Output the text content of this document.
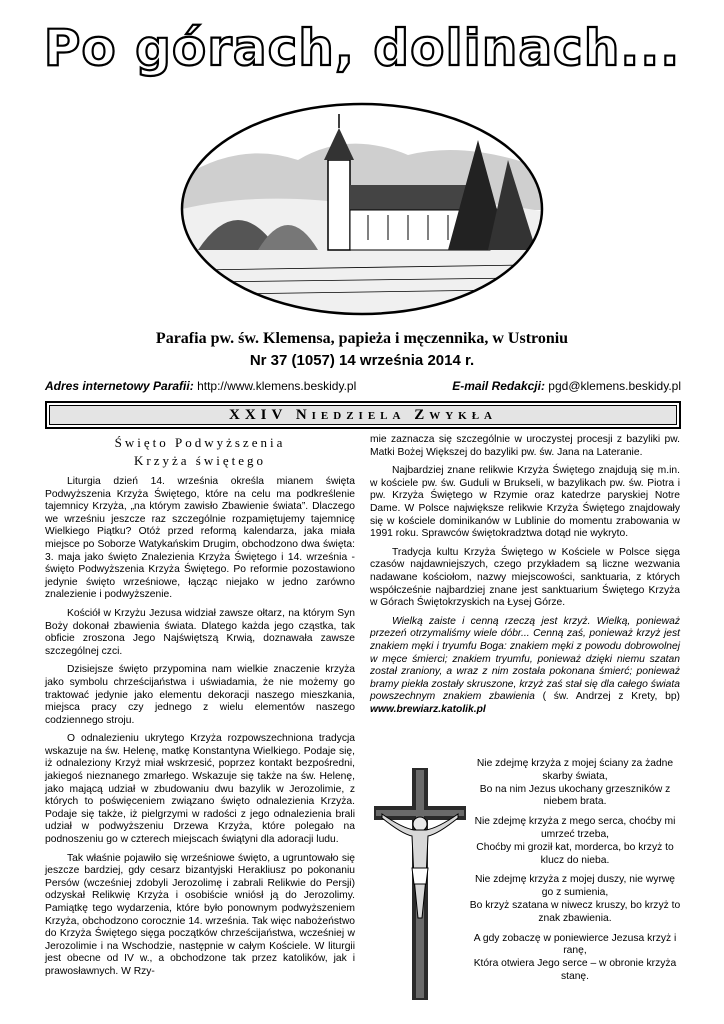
Po górach, dolinach...
Parafia pw. św. Klemensa, papieża i męczennika, w Ustroniu
Nr 37 (1057) 14 września 2014 r.
Adres internetowy Parafii: http://www.klemens.beskidy.pl	E-mail Redakcji: pgd@klemens.beskidy.pl
XXIV Niedziela Zwykła
Święto Podwyższenia
Krzyża świętego

Liturgia dzień 14. września określa mianem święta Podwyższenia Krzyża Świętego, które na celu ma podkreślenie tajemnicy Krzyża, „na którym zawisło Zbawienie świata”. Dlaczego we wrześniu jeszcze raz szczególnie rozpamiętujemy tajemnicę Wielkiego Piątku? Otóż przed reformą kalendarza, jaka miała miejsce po Soborze Watykańskim Drugim, obchodzono dwa święta: 3. maja jako święto Znalezienia Krzyża Świętego i 14. września - święto Podwyższenia Krzyża Świętego. Po reformie pozostawiono jedynie święto wrześniowe, łącząc niejako w jedno zarówno znalezienie i podwyższenie.

Kościół w Krzyżu Jezusa widział zawsze ołtarz, na którym Syn Boży dokonał zbawienia świata. Dlatego każda jego cząstka, tak obficie zroszona Jego Najświętszą Krwią, doznawała zawsze szczególnej czci.

Dzisiejsze święto przypomina nam wielkie znaczenie krzyża jako symbolu chrześcijaństwa i uświadamia, że nie możemy go traktować jedynie jako elementu dekoracji naszego mieszkania, miejsca pracy czy jednego z wielu elementów naszego codziennego stroju.

O odnalezieniu ukrytego Krzyża rozpowszechniona tradycja wskazuje na św. Helenę, matkę Konstantyna Wielkiego. Podaje się, iż odnaleziony Krzyż miał wskrzesić, poprzez kontakt bezpośredni, jakiegoś nieznanego zmarłego. Wskazuje się także na św. Helenę, jako mającą udział w zbudowaniu dwu bazylik w Jerozolimie, z których to poświęceniem związano święto odnalezienia Krzyża. Podaje się także, iż pielgrzymi w radości z jego odnalezienia brali udział w podwyższeniu Drzewa Krzyża, które polegało na podnoszeniu go w czterech miejscach świątyni dla adoracji ludu.

Tak właśnie pojawiło się wrześniowe święto, a ugruntowało się jeszcze bardziej, gdy cesarz bizantyjski Herakliusz po pokonaniu Persów (wcześniej zdobyli Jerozolimę i zabrali Relikwie do Persji) odzyskał Relikwię Krzyża i osobiście wniósł ją do Jerozolimy. Pamiątkę tego wydarzenia, które było ponownym podwyższeniem Krzyża, obchodzono corocznie 14. września. Tak więc nabożeństwo do Krzyża Świętego sięga początków chrześcijaństwa, wcześniej w Jerozolimie i na Wschodzie, następnie w całym Kościele. W liturgii jest obecne od IV w., a obchodzone tak przez katolików, jak i prawosławnych. W Rzy-

mie zaznacza się szczególnie w uroczystej procesji z bazyliki pw. Matki Bożej Większej do bazyliki pw. św. Jana na Lateranie.

Najbardziej znane relikwie Krzyża Świętego znajdują się m.in. w kościele pw. św. Guduli w Brukseli, w bazylikach pw. św. Piotra i pw. Krzyża Świętego w Rzymie oraz katedrze paryskiej Notre Dame. W Polsce największe relikwie Krzyża Świętego znajdowały się w kościele dominikanów w Lublinie do momentu zrabowania w 1991 roku. Sprawców świętokradztwa dotąd nie wykryto.

Tradycja kultu Krzyża Świętego w Kościele w Polsce sięga czasów najdawniejszych, czego przykładem są liczne wezwania nadawane kościołom, nazwy miejscowości, sanktuaria, z których współcześnie najbardziej znane jest sanktuarium Świętego Krzyża w Górach Świętokrzyskich na Łysej Górze.

Wielką zaiste i cenną rzeczą jest krzyż. Wielką, ponieważ przezeń otrzymaliśmy wiele dóbr... Cenną zaś, ponieważ krzyż jest znakiem męki i tryumfu Boga: znakiem męki z powodu dobrowolnej w męce śmierci; znakiem tryumfu, ponieważ dzięki niemu szatan został zraniony, a wraz z nim została pokonana śmierć; ponieważ bramy piekła zostały skruszone, krzyż zaś stał się dla całego świata powszechnym znakiem zbawienia ( św. Andrzej z Krety, bp) www.brewiarz.katolik.pl

Nie zdejmę krzyża z mojej ściany za żadne skarby świata,
Bo na nim Jezus ukochany grzeszników z niebem brata.
Nie zdejmę krzyża z mego serca, choćby mi umrzeć trzeba,
Choćby mi groził kat, morderca, bo krzyż to klucz do nieba.
Nie zdejmę krzyża z mojej duszy, nie wyrwę go z sumienia,
Bo krzyż szatana w niwecz kruszy, bo krzyż to znak zbawienia.
A gdy zobaczę w poniewierce Jezusa krzyż i ranę,
Która otwiera Jego serce – w obronie krzyża stanę.
